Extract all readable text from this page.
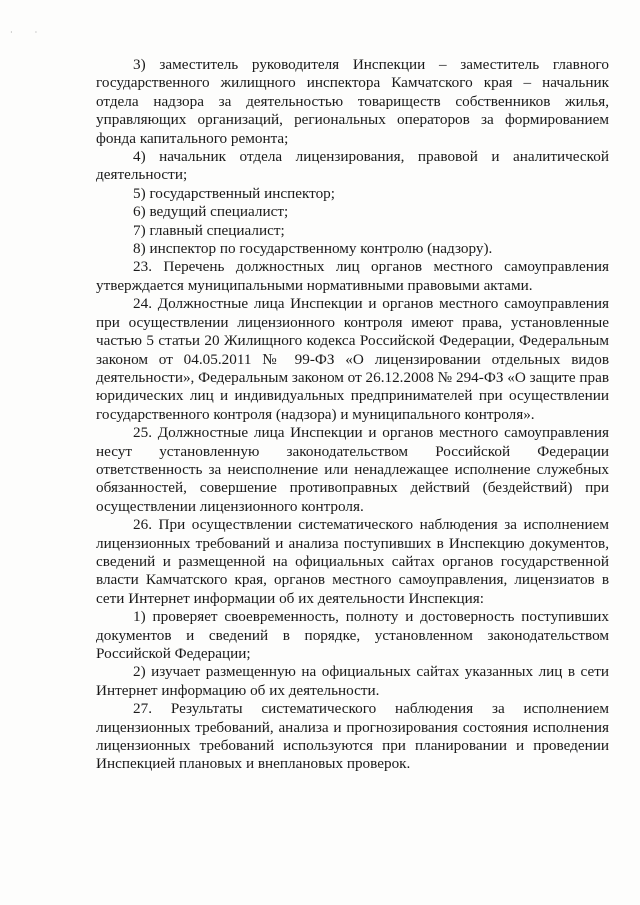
· ·

3) заместитель руководителя Инспекции – заместитель главного государственного жилищного инспектора Камчатского края – начальник отдела надзора за деятельностью товариществ собственников жилья, управляющих организаций, региональных операторов за формированием фонда капитального ремонта;

4) начальник отдела лицензирования, правовой и аналитической деятельности;

5) государственный инспектор;

6) ведущий специалист;

7) главный специалист;

8) инспектор по государственному контролю (надзору).

23. Перечень должностных лиц органов местного самоуправления утверждается муниципальными нормативными правовыми актами.

24. Должностные лица Инспекции и органов местного самоуправления при осуществлении лицензионного контроля имеют права, установленные частью 5 статьи 20 Жилищного кодекса Российской Федерации, Федеральным законом от 04.05.2011 № 99-ФЗ «О лицензировании отдельных видов деятельности», Федеральным законом от 26.12.2008 № 294-ФЗ «О защите прав юридических лиц и индивидуальных предпринимателей при осуществлении государственного контроля (надзора) и муниципального контроля».

25. Должностные лица Инспекции и органов местного самоуправления несут установленную законодательством Российской Федерации ответственность за неисполнение или ненадлежащее исполнение служебных обязанностей, совершение противоправных действий (бездействий) при осуществлении лицензионного контроля.

26. При осуществлении систематического наблюдения за исполнением лицензионных требований и анализа поступивших в Инспекцию документов, сведений и размещенной на официальных сайтах органов государственной власти Камчатского края, органов местного самоуправления, лицензиатов в сети Интернет информации об их деятельности Инспекция:

1) проверяет своевременность, полноту и достоверность поступивших документов и сведений в порядке, установленном законодательством Российской Федерации;

2) изучает размещенную на официальных сайтах указанных лиц в сети Интернет информацию об их деятельности.

27. Результаты систематического наблюдения за исполнением лицензионных требований, анализа и прогнозирования состояния исполнения лицензионных требований используются при планировании и проведении Инспекцией плановых и внеплановых проверок.
